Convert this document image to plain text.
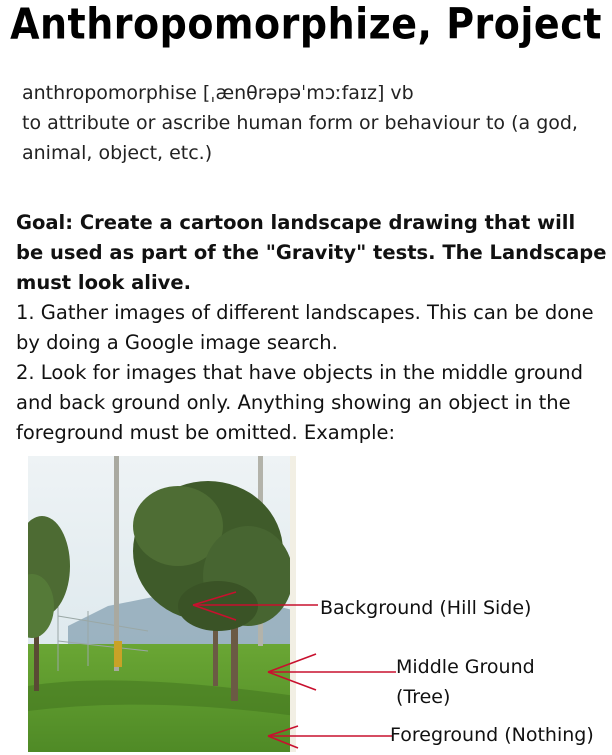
Anthropomorphize, Project

anthropomorphise [ˌænθrəpəˈmɔːfaɪz] vb

to attribute or ascribe human form or behaviour to (a god, animal, object, etc.)

Goal: Create a cartoon landscape drawing that will be used as part of the "Gravity" tests. The Landscape must look alive.

1. Gather images of different landscapes. This can be done by doing a Google image search.

2. Look for images that have objects in the middle ground and back ground only. Anything showing an object in the foreground must be omitted. Example:

Background (Hill Side)
Middle Ground
(Tree)
Foreground (Nothing)
